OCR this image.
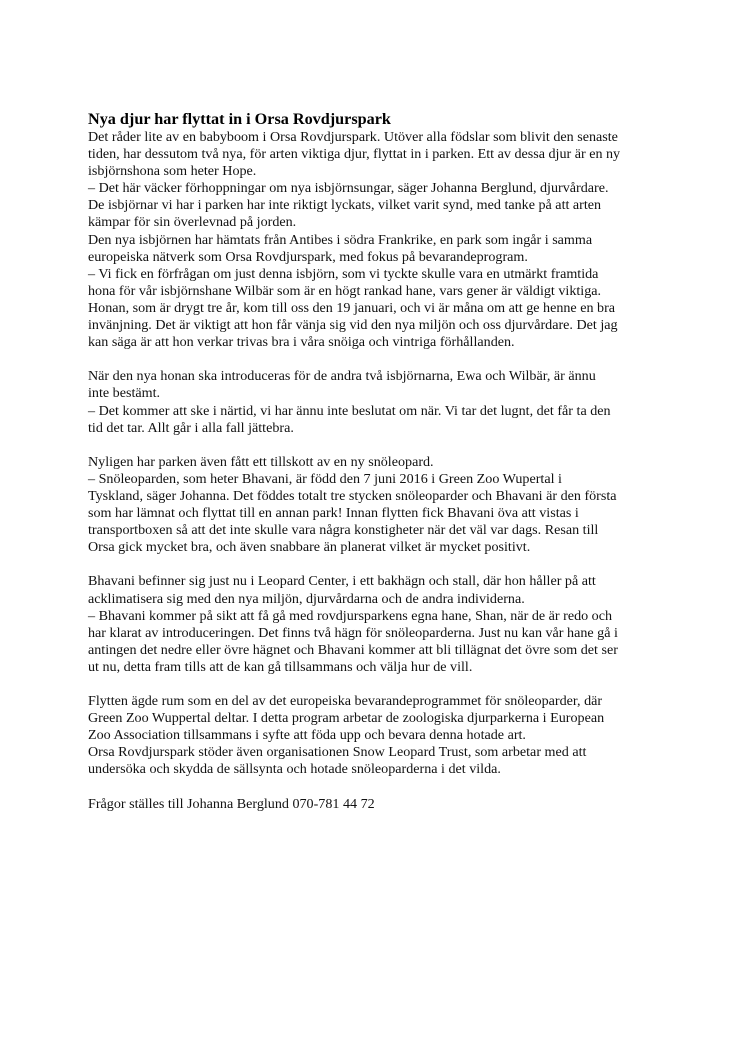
Nya djur har flyttat in i Orsa Rovdjurspark
Det råder lite av en babyboom i Orsa Rovdjurspark. Utöver alla födslar som blivit den senaste
tiden, har dessutom två nya, för arten viktiga djur, flyttat in i parken. Ett av dessa djur är en ny
isbjörnshona som heter Hope.
– Det här väcker förhoppningar om nya isbjörnsungar, säger Johanna Berglund, djurvårdare.
De isbjörnar vi har i parken har inte riktigt lyckats, vilket varit synd, med tanke på att arten
kämpar för sin överlevnad på jorden.
Den nya isbjörnen har hämtats från Antibes i södra Frankrike, en park som ingår i samma
europeiska nätverk som Orsa Rovdjurspark, med fokus på bevarandeprogram.
– Vi fick en förfrågan om just denna isbjörn, som vi tyckte skulle vara en utmärkt framtida
hona för vår isbjörnshane Wilbär som är en högt rankad hane, vars gener är väldigt viktiga.
Honan, som är drygt tre år, kom till oss den 19 januari, och vi är måna om att ge henne en bra
invänjning. Det är viktigt att hon får vänja sig vid den nya miljön och oss djurvårdare. Det jag
kan säga är att hon verkar trivas bra i våra snöiga och vintriga förhållanden.
När den nya honan ska introduceras för de andra två isbjörnarna, Ewa och Wilbär, är ännu
inte bestämt.
– Det kommer att ske i närtid, vi har ännu inte beslutat om när. Vi tar det lugnt, det får ta den
tid det tar. Allt går i alla fall jättebra.
Nyligen har parken även fått ett tillskott av en ny snöleopard.
– Snöleoparden, som heter Bhavani, är född den 7 juni 2016 i Green Zoo Wupertal i
Tyskland, säger Johanna. Det föddes totalt tre stycken snöleoparder och Bhavani är den första
som har lämnat och flyttat till en annan park! Innan flytten fick Bhavani öva att vistas i
transportboxen så att det inte skulle vara några konstigheter när det väl var dags. Resan till
Orsa gick mycket bra, och även snabbare än planerat vilket är mycket positivt.
Bhavani befinner sig just nu i Leopard Center, i ett bakhägn och stall, där hon håller på att
acklimatisera sig med den nya miljön, djurvårdarna och de andra individerna.
– Bhavani kommer på sikt att få gå med rovdjursparkens egna hane, Shan, när de är redo och
har klarat av introduceringen. Det finns två hägn för snöleoparderna. Just nu kan vår hane gå i
antingen det nedre eller övre hägnet och Bhavani kommer att bli tillägnat det övre som det ser
ut nu, detta fram tills att de kan gå tillsammans och välja hur de vill.
Flytten ägde rum som en del av det europeiska bevarandeprogrammet för snöleoparder, där
Green Zoo Wuppertal deltar. I detta program arbetar de zoologiska djurparkerna i European
Zoo Association tillsammans i syfte att föda upp och bevara denna hotade art.
Orsa Rovdjurspark stöder även organisationen Snow Leopard Trust, som arbetar med att
undersöka och skydda de sällsynta och hotade snöleoparderna i det vilda.
Frågor ställes till Johanna Berglund 070-781 44 72
